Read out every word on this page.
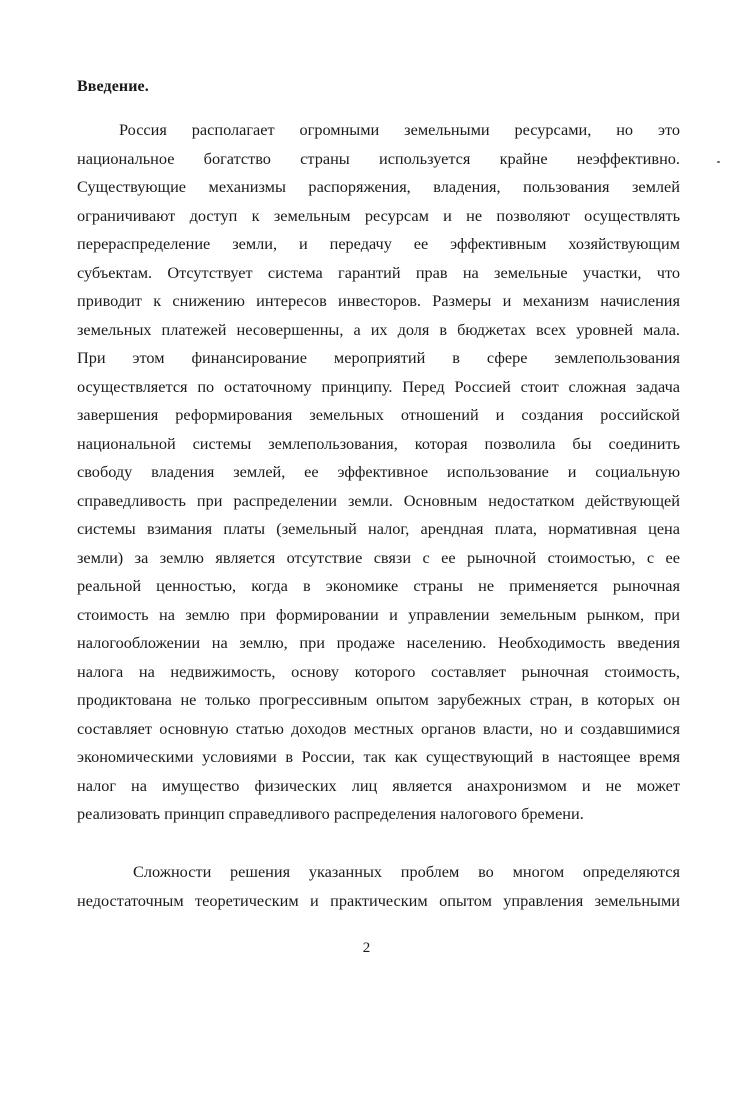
Введение.
Россия располагает огромными земельными ресурсами, но это
национальное богатство страны используется крайне неэффективно.
Существующие механизмы распоряжения, владения, пользования землей
ограничивают доступ к земельным ресурсам и не позволяют осуществлять
перераспределение земли, и передачу ее эффективным хозяйствующим
субъектам. Отсутствует система гарантий прав на земельные участки, что
приводит к снижению интересов инвесторов. Размеры и механизм начисления
земельных платежей несовершенны, а их доля в бюджетах всех уровней мала.
При этом финансирование мероприятий в сфере землепользования
осуществляется по остаточному принципу. Перед Россией стоит сложная задача
завершения реформирования земельных отношений и создания российской
национальной системы землепользования, которая позволила бы соединить
свободу владения землей, ее эффективное использование и социальную
справедливость при распределении земли. Основным недостатком действующей
системы взимания платы (земельный налог, арендная плата, нормативная цена
земли) за землю является отсутствие связи с ее рыночной стоимостью, с ее
реальной ценностью, когда в экономике страны не применяется рыночная
стоимость на землю при формировании и управлении земельным рынком, при
налогообложении на землю, при продаже населению. Необходимость введения
налога на недвижимость, основу которого составляет рыночная стоимость,
продиктована не только прогрессивным опытом зарубежных стран, в которых он
составляет основную статью доходов местных органов власти, но и создавшимися
экономическими условиями в России, так как существующий в настоящее время
налог на имущество физических лиц является анахронизмом и не может
реализовать принцип справедливого распределения налогового бремени.
Сложности решения указанных проблем во многом определяются
недостаточным теоретическим и практическим опытом управления земельными
2
